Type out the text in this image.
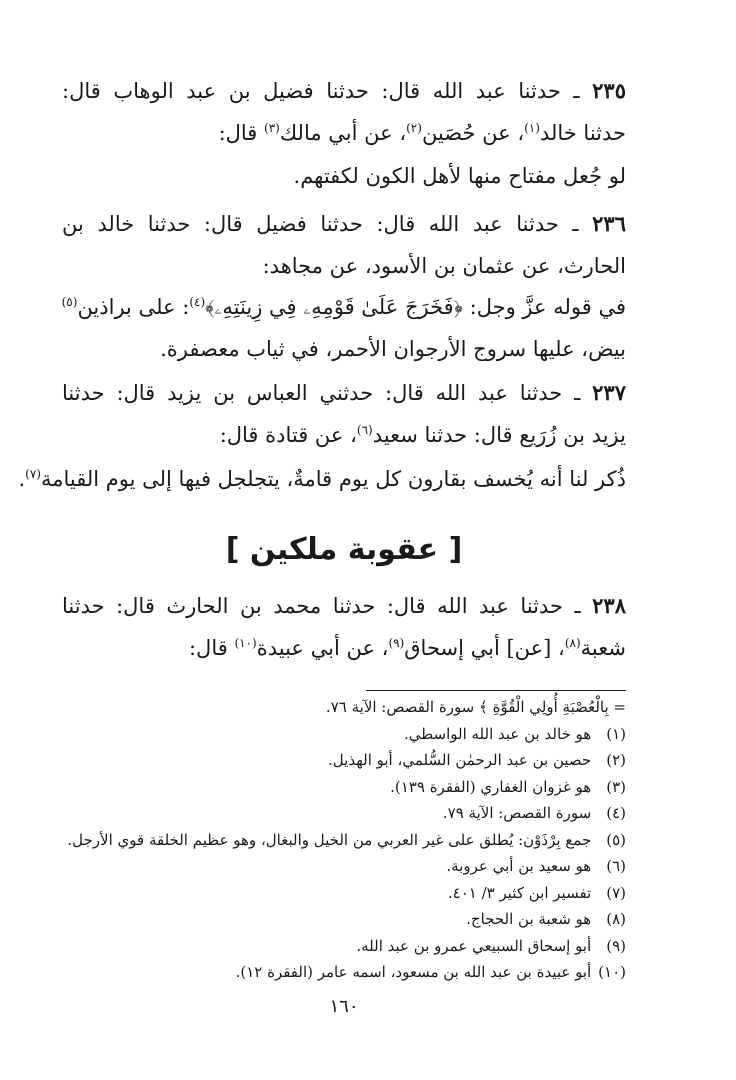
٢٣٥ ـ حدثنا عبد الله قال: حدثنا فضيل بن عبد الوهاب قال:
حدثنا خالد$^{(١)}$، عن حُصَين$^{(٢)}$، عن أبي مالك$^{(٣)}$ قال:
لو جُعل مفتاح منها لأهل الكون لكفتهم.
٢٣٦ ـ حدثنا عبد الله قال: حدثنا فضيل قال: حدثنا خالد بن
الحارث، عن عثمان بن الأسود، عن مجاهد:
في قوله عزَّ وجل: ﴿فَخَرَجَ عَلَىٰ قَوْمِهِۦ فِي زِينَتِهِۦ﴾$^{(٤)}$: على براذين$^{(٥)}$
بيض، عليها سروج الأرجوان الأحمر، في ثياب معصفرة.
٢٣٧ ـ حدثنا عبد الله قال: حدثني العباس بن يزيد قال: حدثنا
يزيد بن زُرَيع قال: حدثنا سعيد$^{(٦)}$، عن قتادة قال:
ذُكر لنا أنه يُخسف بقارون كل يوم قامةٌ، يتجلجل فيها إلى يوم القيامة$^{(٧)}$.
[ عقوبة ملكين ]
٢٣٨ ـ حدثنا عبد الله قال: حدثنا محمد بن الحارث قال: حدثنا
شعبة$^{(٨)}$، [عن] أبي إسحاق$^{(٩)}$، عن أبي عبيدة$^{(١٠)}$ قال:
= بِالْعُصْبَةِ أُولِي الْقُوَّةِ ﴾ سورة القصص: الآية ٧٦.
(١) هو خالد بن عبد الله الواسطي.
(٢) حصين بن عبد الرحمٰن السُّلمي، أبو الهذيل.
(٣) هو غزوان الغفاري (الفقرة ١٣٩).
(٤) سورة القصص: الآية ٧٩.
(٥) جمع بِرْذَوْن: يُطلق على غير العربي من الخيل والبغال، وهو عظيم الخلقة قوي الأرجل.
(٦) هو سعيد بن أبي عروبة.
(٧) تفسير ابن كثير ٣/ ٤٠١.
(٨) هو شعبة بن الحجاج.
(٩) أبو إسحاق السبيعي عمرو بن عبد الله.
(١٠) أبو عبيدة بن عبد الله بن مسعود، اسمه عامر (الفقرة ١٢).
١٦٠
